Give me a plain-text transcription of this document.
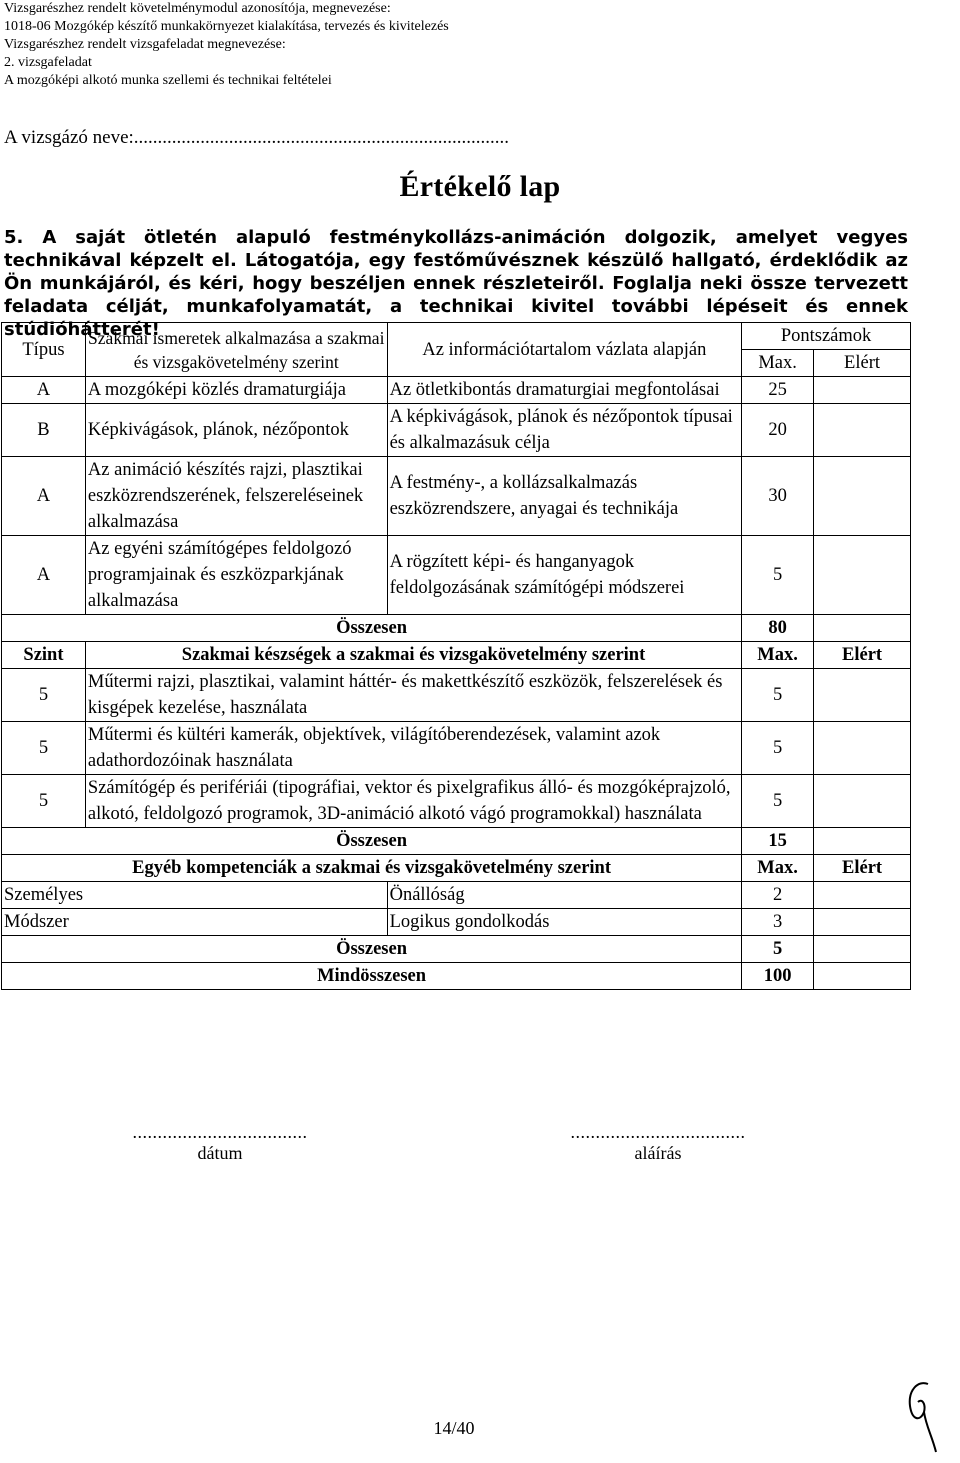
Vizsgarészhez rendelt követelménymodul azonosítója, megnevezése:
1018-06 Mozgókép készítő munkakörnyezet kialakítása, tervezés és kivitelezés
Vizsgarészhez rendelt vizsgafeladat megnevezése:
2. vizsgafeladat
A mozgóképi alkotó munka szellemi és technikai feltételei
A vizsgázó neve:...............................................................................
Értékelő lap
5. A saját ötletén alapuló festménykollázs-animáción dolgozik, amelyet vegyes technikával képzelt el. Látogatója, egy festőművésznek készülő hallgató, érdeklődik az Ön munkájáról, és kéri, hogy beszéljen ennek részleteiről. Foglalja neki össze tervezett feladata célját, munkafolyamatát, a technikai kivitel további lépéseit és ennek stúdióhátterét!
Típus	Szakmai ismeretek alkalmazása a szakmai és vizsgakövetelmény szerint	Az információtartalom vázlata alapján	Pontszámok	
			Max.	Elért
A	A mozgóképi közlés dramaturgiája	Az ötletkibontás dramaturgiai megfontolásai	25	
B	Képkivágások, plánok, nézőpontok	A képkivágások, plánok és nézőpontok típusai és alkalmazásuk célja	20	
A	Az animáció készítés rajzi, plasztikai eszközrendszerének, felszereléseinek alkalmazása	A festmény-, a kollázsalkalmazás eszközrendszere, anyagai és technikája	30	
A	Az egyéni számítógépes feldolgozó programjainak és eszközparkjának alkalmazása	A rögzített képi- és hanganyagok feldolgozásának számítógépi módszerei	5	
Összesen			80	
Szint	Szakmai készségek a szakmai és vizsgakövetelmény szerint		Max.	Elért
5	Műtermi rajzi, plasztikai, valamint háttér- és makettkészítő eszközök, felszerelések és kisgépek kezelése, használata		5	
5	Műtermi és kültéri kamerák, objektívek, világítóberendezések, valamint azok adathordozóinak használata		5	
5	Számítógép és perifériái (tipográfiai, vektor és pixelgrafikus álló- és mozgóképrajzoló, alkotó, feldolgozó programok, 3D-animáció alkotó vágó programokkal) használata		5	
Összesen			15	
Egyéb kompetenciák a szakmai és vizsgakövetelmény szerint			Max.	Elért
Személyes		Önállóság	2	
Módszer		Logikus gondolkodás	3	
Összesen			5	
Mindösszesen			100	
...................................
dátum
...................................
aláírás
14/40
